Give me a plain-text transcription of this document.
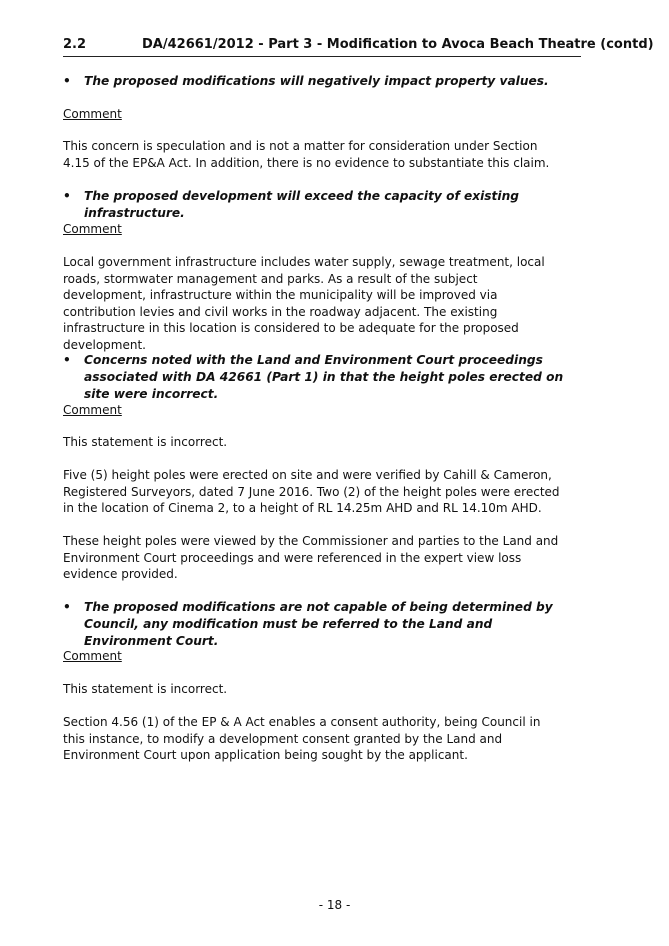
2.2	DA/42661/2012 - Part 3 - Modification to Avoca Beach Theatre (contd)
• The proposed modifications will negatively impact property values.
Comment
This concern is speculation and is not a matter for consideration under Section 4.15 of the EP&A Act. In addition, there is no evidence to substantiate this claim.
• The proposed development will exceed the capacity of existing infrastructure.
Comment
Local government infrastructure includes water supply, sewage treatment, local roads, stormwater management and parks. As a result of the subject development, infrastructure within the municipality will be improved via contribution levies and civil works in the roadway adjacent. The existing infrastructure in this location is considered to be adequate for the proposed development.
• Concerns noted with the Land and Environment Court proceedings associated with DA 42661 (Part 1) in that the height poles erected on site were incorrect.
Comment
This statement is incorrect.
Five (5) height poles were erected on site and were verified by Cahill & Cameron, Registered Surveyors, dated 7 June 2016. Two (2) of the height poles were erected in the location of Cinema 2, to a height of RL 14.25m AHD and RL 14.10m AHD.
These height poles were viewed by the Commissioner and parties to the Land and Environment Court proceedings and were referenced in the expert view loss evidence provided.
• The proposed modifications are not capable of being determined by Council, any modification must be referred to the Land and Environment Court.
Comment
This statement is incorrect.
Section 4.56 (1) of the EP & A Act enables a consent authority, being Council in this instance, to modify a development consent granted by the Land and Environment Court upon application being sought by the applicant.
- 18 -
